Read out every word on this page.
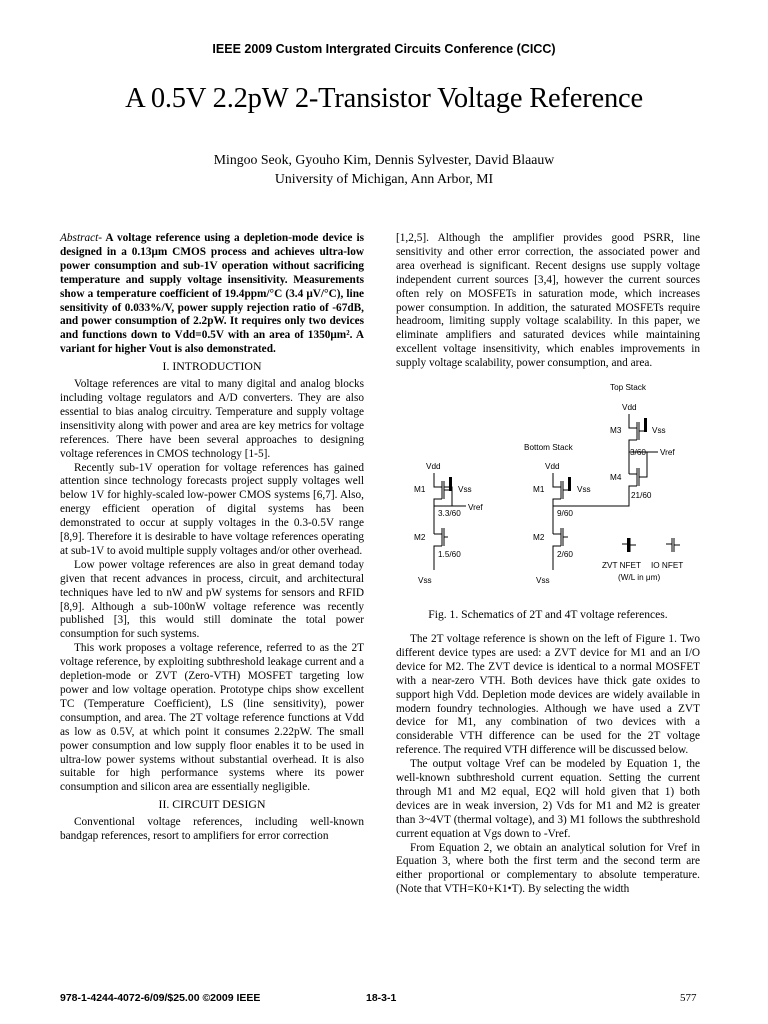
IEEE 2009 Custom Intergrated Circuits Conference (CICC)
A 0.5V 2.2pW 2-Transistor Voltage Reference
Mingoo Seok, Gyouho Kim, Dennis Sylvester, David Blaauw
University of Michigan, Ann Arbor, MI

Abstract- A voltage reference using a depletion-mode device is designed in a 0.13μm CMOS process and achieves ultra-low power consumption and sub-1V operation without sacrificing temperature and supply voltage insensitivity. Measurements show a temperature coefficient of 19.4ppm/°C (3.4 μV/°C), line sensitivity of 0.033%/V, power supply rejection ratio of -67dB, and power consumption of 2.2pW. It requires only two devices and functions down to Vdd=0.5V with an area of 1350μm². A variant for higher Vout is also demonstrated.

I. INTRODUCTION

Voltage references are vital to many digital and analog blocks including voltage regulators and A/D converters. They are also essential to bias analog circuitry. Temperature and supply voltage insensitivity along with power and area are key metrics for voltage references. There have been several approaches to designing voltage references in CMOS technology [1-5].

Recently sub-1V operation for voltage references has gained attention since technology forecasts project supply voltages well below 1V for highly-scaled low-power CMOS systems [6,7]. Also, energy efficient operation of digital systems has been demonstrated to occur at supply voltages in the 0.3-0.5V range [8,9]. Therefore it is desirable to have voltage references operating at sub-1V to avoid multiple supply voltages and/or other overhead.

Low power voltage references are also in great demand today given that recent advances in process, circuit, and architectural techniques have led to nW and pW systems for sensors and RFID [8,9]. Although a sub-100nW voltage reference was recently published [3], this would still dominate the total power consumption for such systems.

This work proposes a voltage reference, referred to as the 2T voltage reference, by exploiting subthreshold leakage current and a depletion-mode or ZVT (Zero-VTH) MOSFET targeting low power and low voltage operation. Prototype chips show excellent TC (Temperature Coefficient), LS (line sensitivity), power consumption, and area. The 2T voltage reference functions at Vdd as low as 0.5V, at which point it consumes 2.22pW. The small power consumption and low supply floor enables it to be used in ultra-low power systems without substantial overhead. It is also suitable for high performance systems where its power consumption and silicon area are essentially negligible.

II. CIRCUIT DESIGN

Conventional voltage references, including well-known bandgap references, resort to amplifiers for error correction

[1,2,5]. Although the amplifier provides good PSRR, line sensitivity and other error correction, the associated power and area overhead is significant. Recent designs use supply voltage independent current sources [3,4], however the current sources often rely on MOSFETs in saturation mode, which increases power consumption. In addition, the saturated MOSFETs require headroom, limiting supply voltage scalability. In this paper, we eliminate amplifiers and saturated devices while maintaining excellent voltage insensitivity, which enables improvements in supply voltage scalability, power consumption, and area.

Top Stack
Bottom Stack
Vdd
M1	Vss
3.3/60
Vref
M2
1.5/60
Vss
Vdd
M1	Vss
9/60
M2
2/60
Vss
Vdd
M3	Vss
3/60 Vref
M4
21/60
ZVT NFET IO NFET
(W/L in μm)

Fig. 1. Schematics of 2T and 4T voltage references.

The 2T voltage reference is shown on the left of Figure 1. Two different device types are used: a ZVT device for M1 and an I/O device for M2. The ZVT device is identical to a normal MOSFET with a near-zero VTH. Both devices have thick gate oxides to support high Vdd. Depletion mode devices are widely available in modern foundry technologies. Although we have used a ZVT device for M1, any combination of two devices with a considerable VTH difference can be used for the 2T voltage reference. The required VTH difference will be discussed below.

The output voltage Vref can be modeled by Equation 1, the well-known subthreshold current equation. Setting the current through M1 and M2 equal, EQ2 will hold given that 1) both devices are in weak inversion, 2) Vds for M1 and M2 is greater than 3~4VT (thermal voltage), and 3) M1 follows the subthreshold current equation at Vgs down to -Vref.

From Equation 2, we obtain an analytical solution for Vref in Equation 3, where both the first term and the second term are either proportional or complementary to absolute temperature. (Note that VTH=K0+K1•T). By selecting the width

978-1-4244-4072-6/09/$25.00 ©2009 IEEE	18-3-1	577
